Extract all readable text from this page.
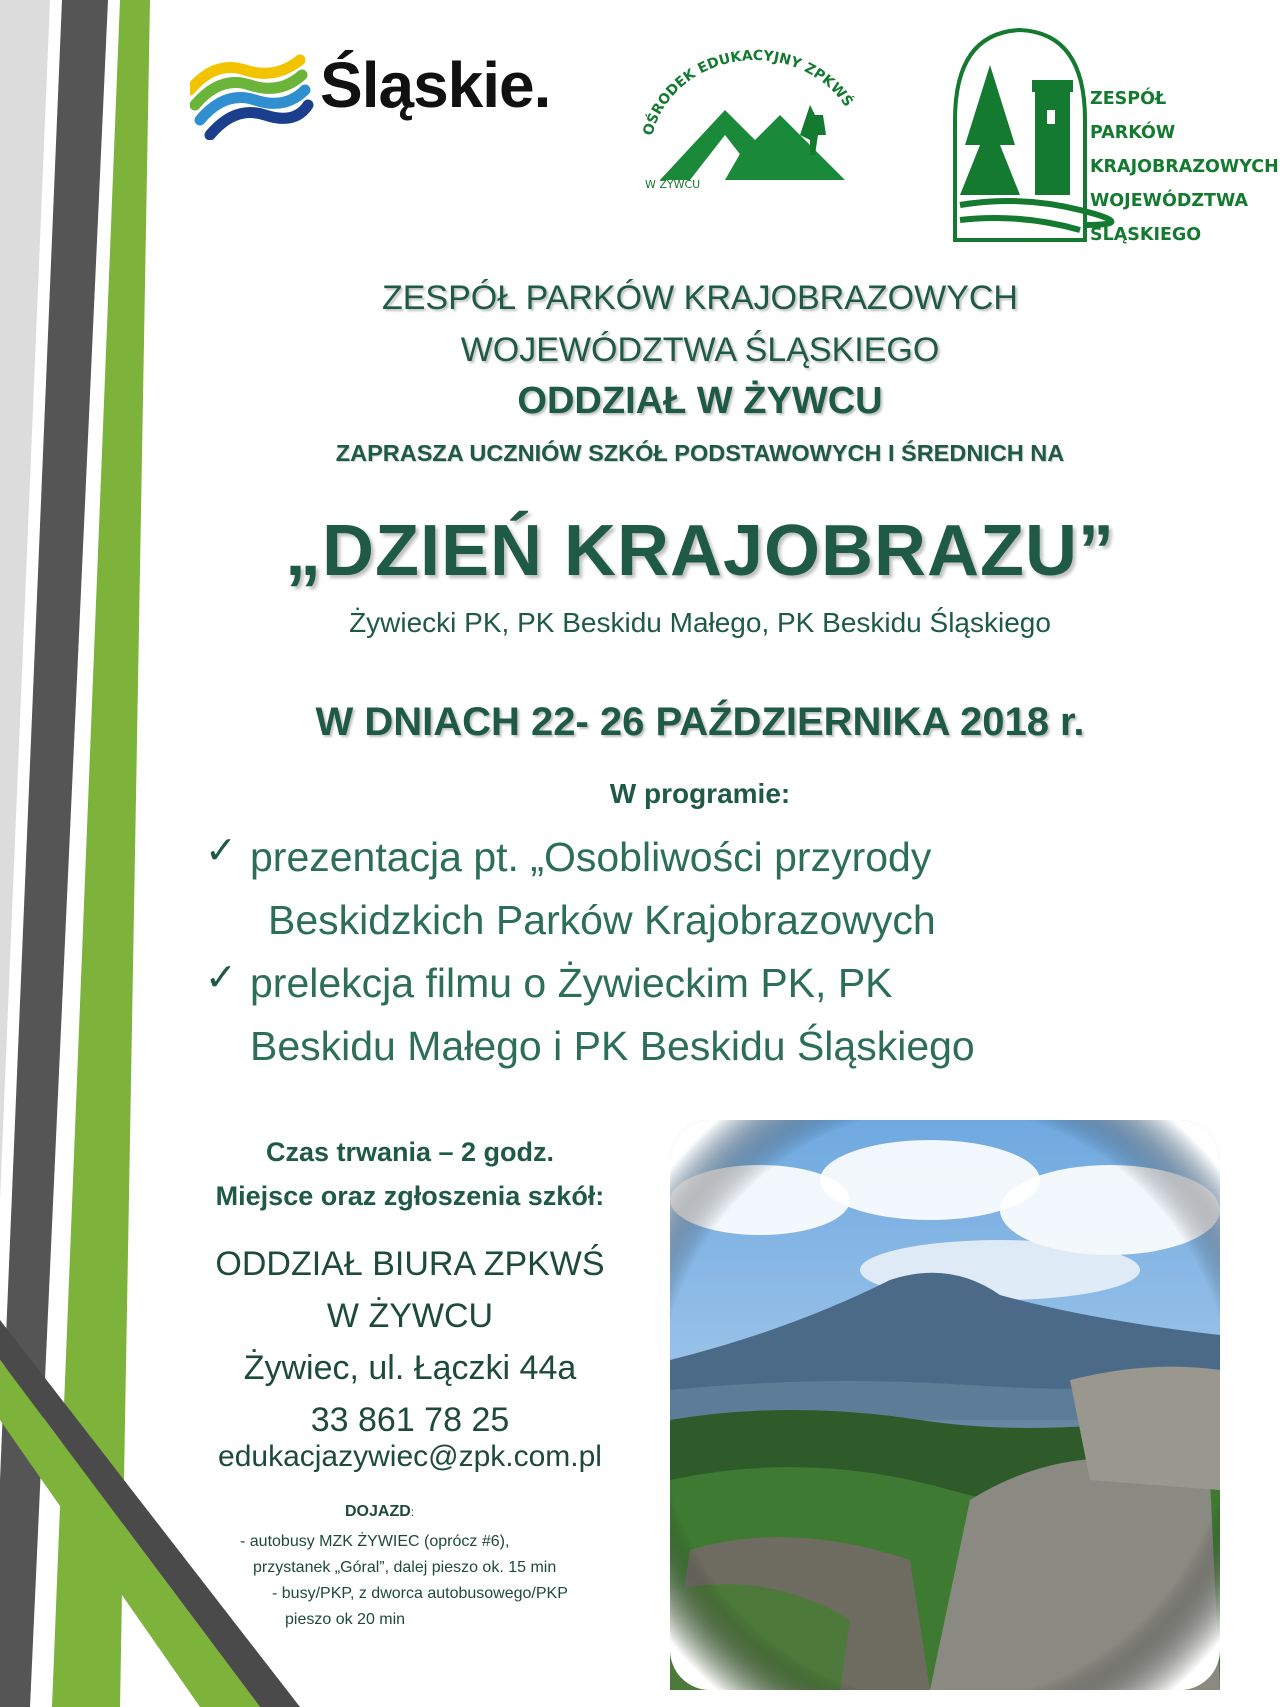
Śląskie.
OŚRODEK EDUKACYJNY ZPKWŚ
W ŻYWCU
ZESPÓŁ
PARKÓW
KRAJOBRAZOWYCH
WOJEWÓDZTWA
ŚLĄSKIEGO
ZESPÓŁ PARKÓW KRAJOBRAZOWYCH
WOJEWÓDZTWA ŚLĄSKIEGO
ODDZIAŁ W ŻYWCU
ZAPRASZA UCZNIÓW SZKÓŁ PODSTAWOWYCH I ŚREDNICH NA
„DZIEŃ KRAJOBRAZU”
Żywiecki PK, PK Beskidu Małego, PK Beskidu Śląskiego
W DNIACH 22- 26 PAŹDZIERNIKA 2018 r.
W programie:
✓ prezentacja pt. „Osobliwości przyrody
Beskidzkich Parków Krajobrazowych
✓ prelekcja filmu o Żywieckim PK, PK
Beskidu Małego i PK Beskidu Śląskiego
Czas trwania – 2 godz.
Miejsce oraz zgłoszenia szkół:
ODDZIAŁ BIURA ZPKWŚ
W ŻYWCU
Żywiec, ul. Łączki 44a
33 861 78 25
edukacjazywiec@zpk.com.pl
DOJAZD:
- autobusy MZK ŻYWIEC (oprócz #6),
przystanek „Góral”, dalej pieszo ok. 15 min
- busy/PKP, z dworca autobusowego/PKP
pieszo ok 20 min
